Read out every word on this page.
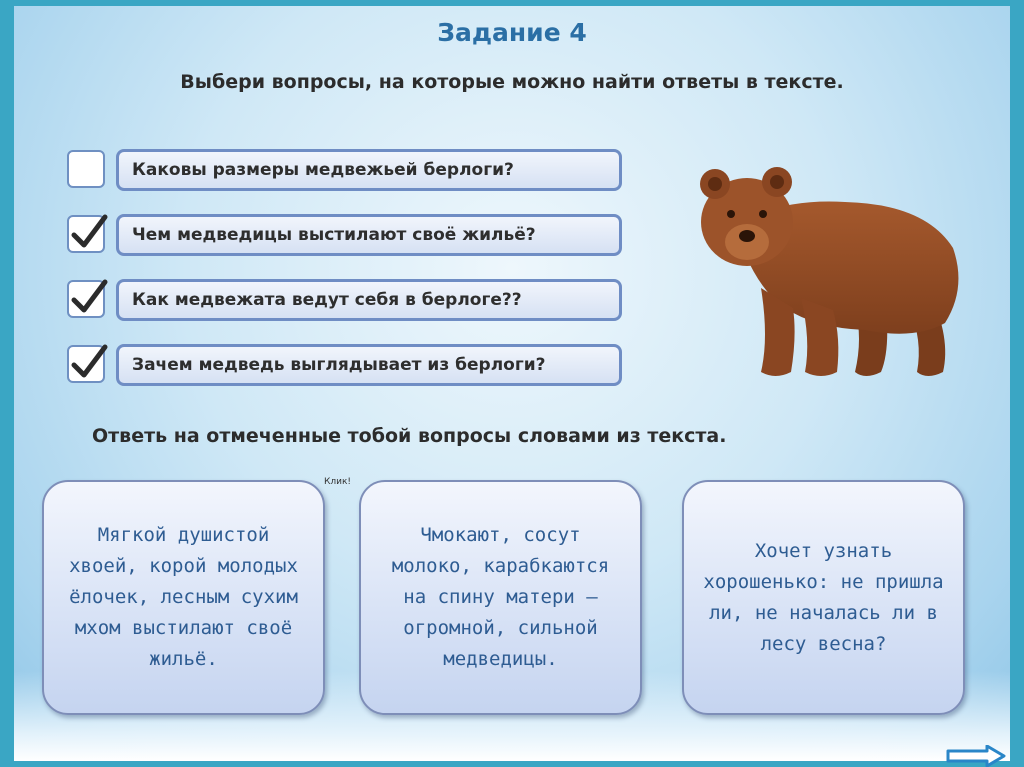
Задание 4
Выбери вопросы, на которые можно найти ответы в тексте.
Каковы размеры медвежьей берлоги?
Чем медведицы выстилают своё жильё?
Как медвежата ведут себя в берлоге??
Зачем медведь выглядывает из берлоги?
Ответь на отмеченные тобой вопросы словами из текста.
Клик!
Мягкой душистой хвоей, корой молодых ёлочек, лесным сухим мхом выстилают своё жильё.
Чмокают, сосут молоко, карабкаются на спину матери — огромной, сильной медведицы.
Хочет узнать хорошенько: не пришла ли, не началась ли в лесу весна?
